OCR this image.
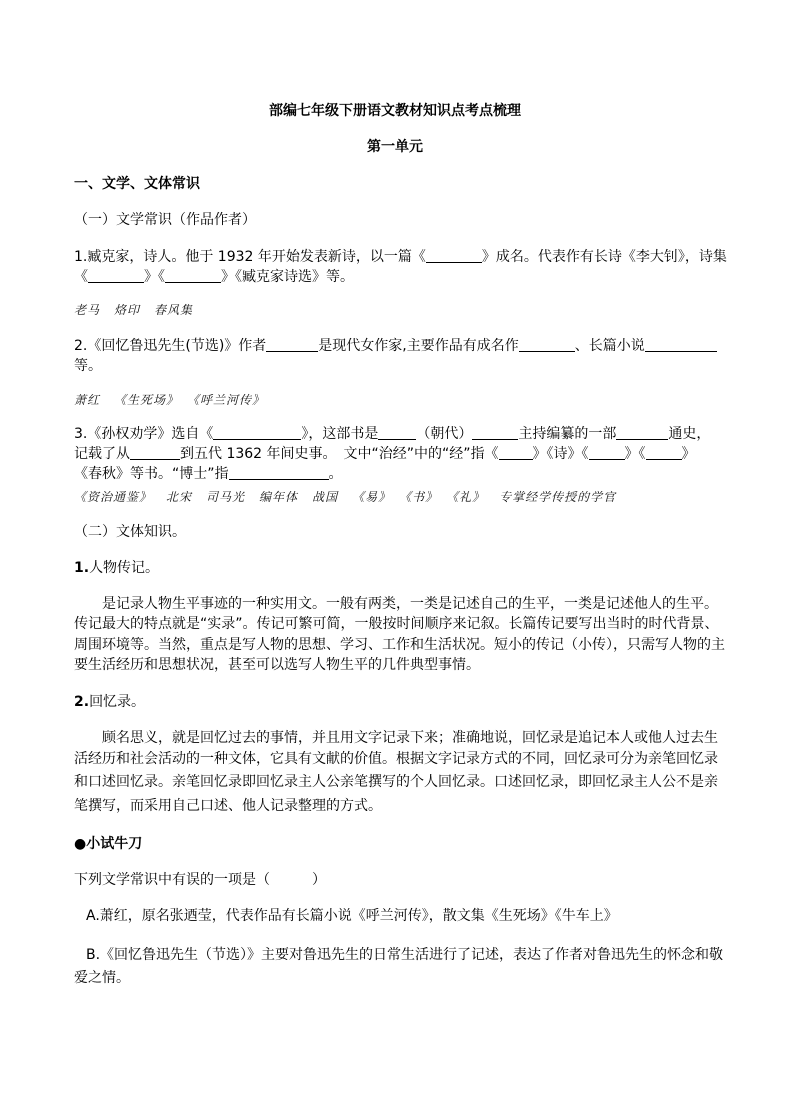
部编七年级下册语文教材知识点考点梳理
第一单元
一、文学、文体常识
（一）文学常识（作品作者）
1.臧克家，诗人。他于 1932 年开始发表新诗，以一篇《	》成名。代表作有长诗《李大钊》，诗集
《	》《	》《臧克家诗选》等。
老马 烙印 春风集
2.《回忆鲁迅先生(节选)》作者	是现代女作家,主要作品有成名作	、长篇小说
等。
萧红 《生死场》 《呼兰河传》
3.《孙权劝学》选自《	》，这部书是	（朝代）	主持编纂的一部	通史，
记载了从	到五代 1362 年间史事。　文中“治经”中的“经”指《 》《诗》《	》《	》
《春秋》等书。“博士”指	。
《资治通鉴》 北宋 司马光 编年体 战国 《易》 《书》 《礼》 专掌经学传授的学官
（二）文体知识。
1.人物传记。
是记录人物生平事迹的一种实用文。一般有两类，一类是记述自己的生平，一类是记述他人的生平。
传记最大的特点就是“实录”。传记可繁可简，一般按时间顺序来记叙。长篇传记要写出当时的时代背景、
周围环境等。当然，重点是写人物的思想、学习、工作和生活状况。短小的传记（小传），只需写人物的主
要生活经历和思想状况，甚至可以选写人物生平的几件典型事情。
2.回忆录。
顾名思义，就是回忆过去的事情，并且用文字记录下来；准确地说，回忆录是追记本人或他人过去生
活经历和社会活动的一种文体，它具有文献的价值。根据文字记录方式的不同，回忆录可分为亲笔回忆录
和口述回忆录。亲笔回忆录即回忆录主人公亲笔撰写的个人回忆录。口述回忆录，即回忆录主人公不是亲
笔撰写，而采用自己口述、他人记录整理的方式。
●小试牛刀
下列文学常识中有误的一项是（　　　）
A.萧红，原名张迺莹，代表作品有长篇小说《呼兰河传》，散文集《生死场》《牛车上》
B.《回忆鲁迅先生（节选）》主要对鲁迅先生的日常生活进行了记述，表达了作者对鲁迅先生的怀念和敬
爱之情。
